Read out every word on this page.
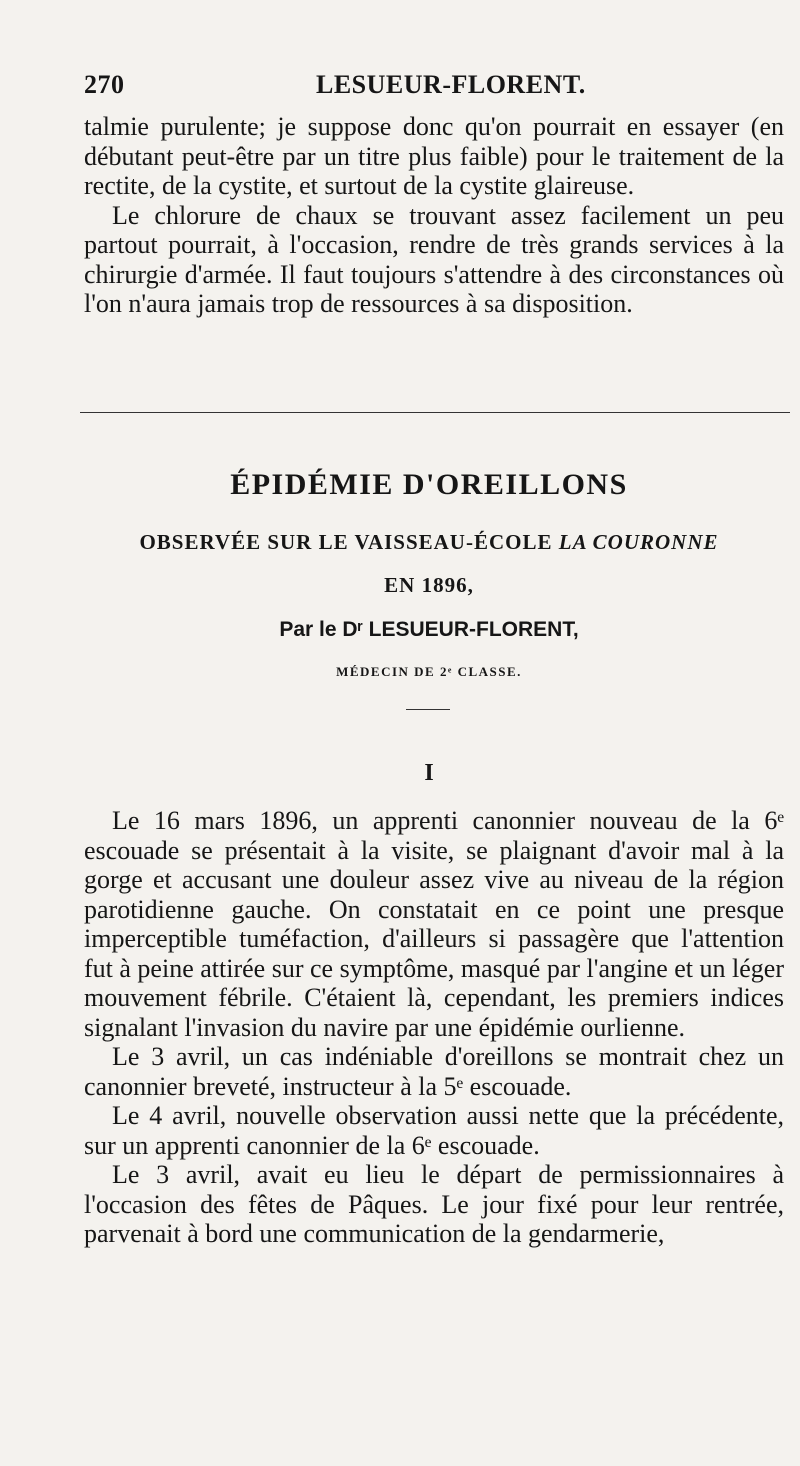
270	LESUEUR-FLORENT.

talmie purulente; je suppose donc qu'on pourrait en essayer (en débutant peut-être par un titre plus faible) pour le traitement de la rectite, de la cystite, et surtout de la cystite glaireuse.

Le chlorure de chaux se trouvant assez facilement un peu partout pourrait, à l'occasion, rendre de très grands services à la chirurgie d'armée. Il faut toujours s'attendre à des circonstances où l'on n'aura jamais trop de ressources à sa disposition.

ÉPIDÉMIE D'OREILLONS
OBSERVÉE SUR LE VAISSEAU-ÉCOLE LA COURONNE
EN 1896,
Par le Dʳ LESUEUR-FLORENT,
MÉDECIN DE 2ᵉ CLASSE.
I

Le 16 mars 1896, un apprenti canonnier nouveau de la 6ᵉ escouade se présentait à la visite, se plaignant d'avoir mal à la gorge et accusant une douleur assez vive au niveau de la région parotidienne gauche. On constatait en ce point une presque imperceptible tuméfaction, d'ailleurs si passagère que l'attention fut à peine attirée sur ce symptôme, masqué par l'angine et un léger mouvement fébrile. C'étaient là, cependant, les premiers indices signalant l'invasion du navire par une épidémie ourlienne.

Le 3 avril, un cas indéniable d'oreillons se montrait chez un canonnier breveté, instructeur à la 5ᵉ escouade.

Le 4 avril, nouvelle observation aussi nette que la précédente, sur un apprenti canonnier de la 6ᵉ escouade.

Le 3 avril, avait eu lieu le départ de permissionnaires à l'occasion des fêtes de Pâques. Le jour fixé pour leur rentrée, parvenait à bord une communication de la gendarmerie,
